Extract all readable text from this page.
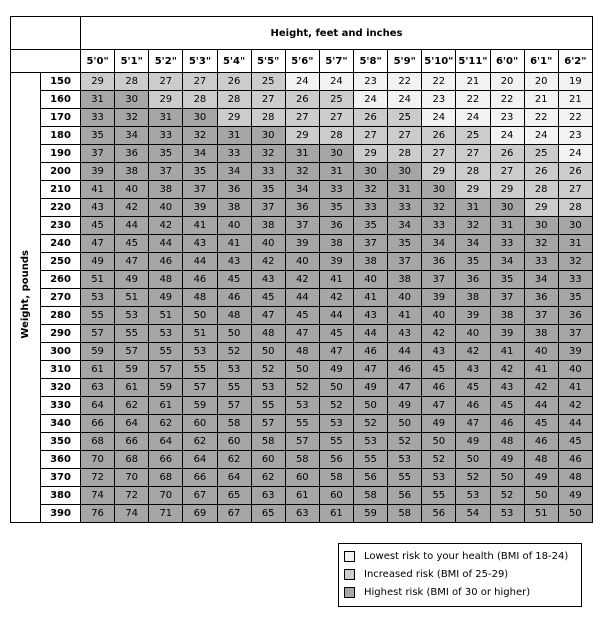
		Height, feet and inches														
		5'0"	5'1"	5'2"	5'3"	5'4"	5'5"	5'6"	5'7"	5'8"	5'9"	5'10"	5'11"	6'0"	6'1"	6'2"
Weight, pounds	150	29	28	27	27	26	25	24	24	23	22	22	21	20	20	19
	160	31	30	29	28	28	27	26	25	24	24	23	22	22	21	21
	170	33	32	31	30	29	28	27	27	26	25	24	24	23	22	22
	180	35	34	33	32	31	30	29	28	27	27	26	25	24	24	23
	190	37	36	35	34	33	32	31	30	29	28	27	27	26	25	24
	200	39	38	37	35	34	33	32	31	30	30	29	28	27	26	26
	210	41	40	38	37	36	35	34	33	32	31	30	29	29	28	27
	220	43	42	40	39	38	37	36	35	33	33	32	31	30	29	28
	230	45	44	42	41	40	38	37	36	35	34	33	32	31	30	30
	240	47	45	44	43	41	40	39	38	37	35	34	34	33	32	31
	250	49	47	46	44	43	42	40	39	38	37	36	35	34	33	32
	260	51	49	48	46	45	43	42	41	40	38	37	36	35	34	33
	270	53	51	49	48	46	45	44	42	41	40	39	38	37	36	35
	280	55	53	51	50	48	47	45	44	43	41	40	39	38	37	36
	290	57	55	53	51	50	48	47	45	44	43	42	40	39	38	37
	300	59	57	55	53	52	50	48	47	46	44	43	42	41	40	39
	310	61	59	57	55	53	52	50	49	47	46	45	43	42	41	40
	320	63	61	59	57	55	53	52	50	49	47	46	45	43	42	41
	330	64	62	61	59	57	55	53	52	50	49	47	46	45	44	42
	340	66	64	62	60	58	57	55	53	52	50	49	47	46	45	44
	350	68	66	64	62	60	58	57	55	53	52	50	49	48	46	45
	360	70	68	66	64	62	60	58	56	55	53	52	50	49	48	46
	370	72	70	68	66	64	62	60	58	56	55	53	52	50	49	48
	380	74	72	70	67	65	63	61	60	58	56	55	53	52	50	49
	390	76	74	71	69	67	65	63	61	59	58	56	54	53	51	50
Lowest risk to your health (BMI of 18-24)
Increased risk (BMI of 25-29)
Highest risk (BMI of 30 or higher)
